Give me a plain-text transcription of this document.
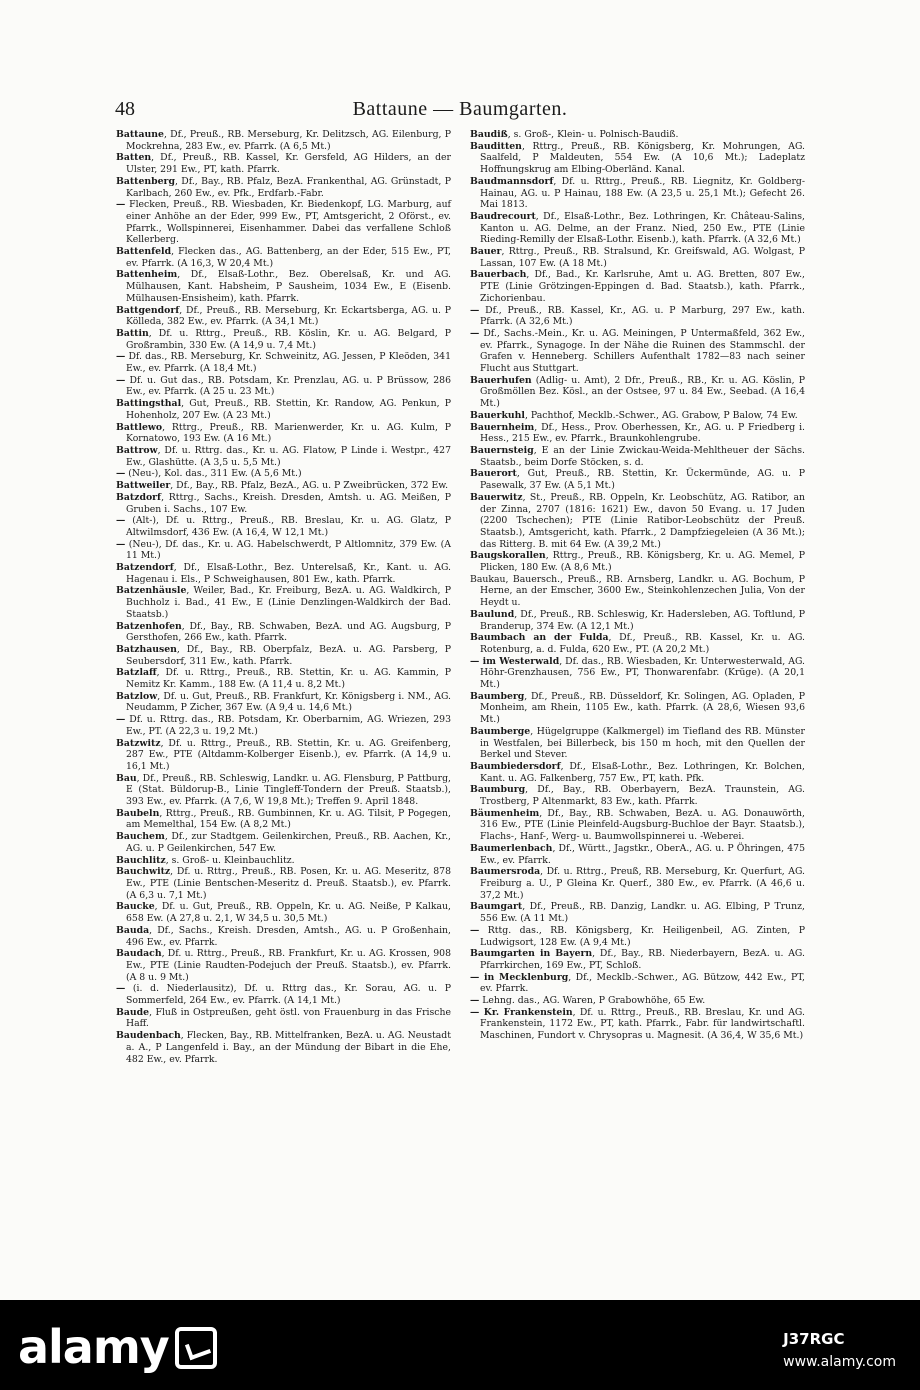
48	Battaune — Baumgarten.

Battaune, Df., Preuß., RB. Merseburg, Kr. Delitzsch, AG. Eilenburg, P Mockrehna, 283 Ew., ev. Pfarrk. (A 6,5 Mt.)

Batten, Df., Preuß., RB. Kassel, Kr. Gersfeld, AG Hilders, an der Ulster, 291 Ew., PT, kath. Pfarrk.

Battenberg, Df., Bay., RB. Pfalz, BezA. Frankenthal, AG. Grünstadt, P Karlbach, 260 Ew., ev. Pfk., Erdfarb.-Fabr.

— Flecken, Preuß., RB. Wiesbaden, Kr. Biedenkopf, LG. Marburg, auf einer Anhöhe an der Eder, 999 Ew., PT, Amtsgericht, 2 Oförst., ev. Pfarrk., Wollspinnerei, Eisenhammer. Dabei das verfallene Schloß Kellerberg.

Battenfeld, Flecken das., AG. Battenberg, an der Eder, 515 Ew., PT, ev. Pfarrk. (A 16,3, W 20,4 Mt.)

Battenheim, Df., Elsaß-Lothr., Bez. Oberelsaß, Kr. und AG. Mülhausen, Kant. Habsheim, P Sausheim, 1034 Ew., E (Eisenb. Mülhausen-Ensisheim), kath. Pfarrk.

Battgendorf, Df., Preuß., RB. Merseburg, Kr. Eckartsberga, AG. u. P Kölleda, 382 Ew., ev. Pfarrk. (A 34,1 Mt.)

Battin, Df. u. Rttrg., Preuß., RB. Köslin, Kr. u. AG. Belgard, P Großrambin, 330 Ew. (A 14,9 u. 7,4 Mt.)

— Df. das., RB. Merseburg, Kr. Schweinitz, AG. Jessen, P Kleöden, 341 Ew., ev. Pfarrk. (A 18,4 Mt.)

— Df. u. Gut das., RB. Potsdam, Kr. Prenzlau, AG. u. P Brüssow, 286 Ew., ev. Pfarrk. (A 25 u. 23 Mt.)

Battingsthal, Gut, Preuß., RB. Stettin, Kr. Randow, AG. Penkun, P Hohenholz, 207 Ew. (A 23 Mt.)

Battlewo, Rttrg., Preuß., RB. Marienwerder, Kr. u. AG. Kulm, P Kornatowo, 193 Ew. (A 16 Mt.)

Battrow, Df. u. Rttrg. das., Kr. u. AG. Flatow, P Linde i. Westpr., 427 Ew., Glashütte. (A 3,5 u. 5,5 Mt.)

— (Neu-), Kol. das., 311 Ew. (A 5,6 Mt.)

Battweiler, Df., Bay., RB. Pfalz, BezA., AG. u. P Zweibrücken, 372 Ew.

Batzdorf, Rttrg., Sachs., Kreish. Dresden, Amtsh. u. AG. Meißen, P Gruben i. Sachs., 107 Ew.

— (Alt-), Df. u. Rttrg., Preuß., RB. Breslau, Kr. u. AG. Glatz, P Altwilmsdorf, 436 Ew. (A 16,4, W 12,1 Mt.)

— (Neu-), Df. das., Kr. u. AG. Habelschwerdt, P Altlomnitz, 379 Ew. (A 11 Mt.)

Batzendorf, Df., Elsaß-Lothr., Bez. Unterelsaß, Kr., Kant. u. AG. Hagenau i. Els., P Schweighausen, 801 Ew., kath. Pfarrk.

Batzenhäusle, Weiler, Bad., Kr. Freiburg, BezA. u. AG. Waldkirch, P Buchholz i. Bad., 41 Ew., E (Linie Denzlingen-Waldkirch der Bad. Staatsb.)

Batzenhofen, Df., Bay., RB. Schwaben, BezA. und AG. Augsburg, P Gersthofen, 266 Ew., kath. Pfarrk.

Batzhausen, Df., Bay., RB. Oberpfalz, BezA. u. AG. Parsberg, P Seubersdorf, 311 Ew., kath. Pfarrk.

Batzlaff, Df. u. Rttrg., Preuß., RB. Stettin, Kr. u. AG. Kammin, P Nemitz Kr. Kamm., 188 Ew. (A 11,4 u. 8,2 Mt.)

Batzlow, Df. u. Gut, Preuß., RB. Frankfurt, Kr. Königsberg i. NM., AG. Neudamm, P Zicher, 367 Ew. (A 9,4 u. 14,6 Mt.)

— Df. u. Rttrg. das., RB. Potsdam, Kr. Oberbarnim, AG. Wriezen, 293 Ew., PT. (A 22,3 u. 19,2 Mt.)

Batzwitz, Df. u. Rttrg., Preuß., RB. Stettin, Kr. u. AG. Greifenberg, 287 Ew., PTE (Altdamm-Kolberger Eisenb.), ev. Pfarrk. (A 14,9 u. 16,1 Mt.)

Bau, Df., Preuß., RB. Schleswig, Landkr. u. AG. Flensburg, P Pattburg, E (Stat. Büldorup-B., Linie Tingleff-Tondern der Preuß. Staatsb.), 393 Ew., ev. Pfarrk. (A 7,6, W 19,8 Mt.); Treffen 9. April 1848.

Baubeln, Rttrg., Preuß., RB. Gumbinnen, Kr. u. AG. Tilsit, P Pogegen, am Memelthal, 154 Ew. (A 8,2 Mt.)

Bauchem, Df., zur Stadtgem. Geilenkirchen, Preuß., RB. Aachen, Kr., AG. u. P Geilenkirchen, 547 Ew.

Bauchlitz, s. Groß- u. Kleinbauchlitz.

Bauchwitz, Df. u. Rttrg., Preuß., RB. Posen, Kr. u. AG. Meseritz, 878 Ew., PTE (Linie Bentschen-Meseritz d. Preuß. Staatsb.), ev. Pfarrk. (A 6,3 u. 7,1 Mt.)

Baucke, Df. u. Gut, Preuß., RB. Oppeln, Kr. u. AG. Neiße, P Kalkau, 658 Ew. (A 27,8 u. 2,1, W 34,5 u. 30,5 Mt.)

Bauda, Df., Sachs., Kreish. Dresden, Amtsh., AG. u. P Großenhain, 496 Ew., ev. Pfarrk.

Baudach, Df. u. Rttrg., Preuß., RB. Frankfurt, Kr. u. AG. Krossen, 908 Ew., PTE (Linie Raudten-Podejuch der Preuß. Staatsb.), ev. Pfarrk. (A 8 u. 9 Mt.)

— (i. d. Niederlausitz), Df. u. Rttrg das., Kr. Sorau, AG. u. P Sommerfeld, 264 Ew., ev. Pfarrk. (A 14,1 Mt.)

Baude, Fluß in Ostpreußen, geht östl. von Frauenburg in das Frische Haff.

Baudenbach, Flecken, Bay., RB. Mittelfranken, BezA. u. AG. Neustadt a. A., P Langenfeld i. Bay., an der Mündung der Bibart in die Ehe, 482 Ew., ev. Pfarrk.

Baudiß, s. Groß-, Klein- u. Polnisch-Baudiß.

Bauditten, Rttrg., Preuß., RB. Königsberg, Kr. Mohrungen, AG. Saalfeld, P Maldeuten, 554 Ew. (A 10,6 Mt.); Ladeplatz Hoffnungskrug am Elbing-Oberländ. Kanal.

Baudmannsdorf, Df. u. Rttrg., Preuß., RB. Liegnitz, Kr. Goldberg-Hainau, AG. u. P Hainau, 188 Ew. (A 23,5 u. 25,1 Mt.); Gefecht 26. Mai 1813.

Baudrecourt, Df., Elsaß-Lothr., Bez. Lothringen, Kr. Château-Salins, Kanton u. AG. Delme, an der Franz. Nied, 250 Ew., PTE (Linie Rieding-Remilly der Elsaß-Lothr. Eisenb.), kath. Pfarrk. (A 32,6 Mt.)

Bauer, Rttrg., Preuß., RB. Stralsund, Kr. Greifswald, AG. Wolgast, P Lassan, 107 Ew. (A 18 Mt.)

Bauerbach, Df., Bad., Kr. Karlsruhe, Amt u. AG. Bretten, 807 Ew., PTE (Linie Grötzingen-Eppingen d. Bad. Staatsb.), kath. Pfarrk., Zichorienbau.

— Df., Preuß., RB. Kassel, Kr., AG. u. P Marburg, 297 Ew., kath. Pfarrk. (A 32,6 Mt.)

— Df., Sachs.-Mein., Kr. u. AG. Meiningen, P Untermaßfeld, 362 Ew., ev. Pfarrk., Synagoge. In der Nähe die Ruinen des Stammschl. der Grafen v. Henneberg. Schillers Aufenthalt 1782—83 nach seiner Flucht aus Stuttgart.

Bauerhufen (Adlig- u. Amt), 2 Dfr., Preuß., RB., Kr. u. AG. Köslin, P Großmöllen Bez. Kösl., an der Ostsee, 97 u. 84 Ew., Seebad. (A 16,4 Mt.)

Bauerkuhl, Pachthof, Mecklb.-Schwer., AG. Grabow, P Balow, 74 Ew.

Bauernheim, Df., Hess., Prov. Oberhessen, Kr., AG. u. P Friedberg i. Hess., 215 Ew., ev. Pfarrk., Braunkohlengrube.

Bauernsteig, E an der Linie Zwickau-Weida-Mehltheuer der Sächs. Staatsb., beim Dorfe Stöcken, s. d.

Bauerort, Gut, Preuß., RB. Stettin, Kr. Ückermünde, AG. u. P Pasewalk, 37 Ew. (A 5,1 Mt.)

Bauerwitz, St., Preuß., RB. Oppeln, Kr. Leobschütz, AG. Ratibor, an der Zinna, 2707 (1816: 1621) Ew., davon 50 Evang. u. 17 Juden (2200 Tschechen); PTE (Linie Ratibor-Leobschütz der Preuß. Staatsb.), Amtsgericht, kath. Pfarrk., 2 Dampfziegeleien (A 36 Mt.); das Ritterg. B. mit 64 Ew. (A 39,2 Mt.)

Baugskorallen, Rttrg., Preuß., RB. Königsberg, Kr. u. AG. Memel, P Plicken, 180 Ew. (A 8,6 Mt.)

Baukau, Bauersch., Preuß., RB. Arnsberg, Landkr. u. AG. Bochum, P Herne, an der Emscher, 3600 Ew., Steinkohlenzechen Julia, Von der Heydt u.

Baulund, Df., Preuß., RB. Schleswig, Kr. Hadersleben, AG. Toftlund, P Branderup, 374 Ew. (A 12,1 Mt.)

Baumbach an der Fulda, Df., Preuß., RB. Kassel, Kr. u. AG. Rotenburg, a. d. Fulda, 620 Ew., PT. (A 20,2 Mt.)

— im Westerwald, Df. das., RB. Wiesbaden, Kr. Unterwesterwald, AG. Höhr-Grenzhausen, 756 Ew., PT, Thonwarenfabr. (Krüge). (A 20,1 Mt.)

Baumberg, Df., Preuß., RB. Düsseldorf, Kr. Solingen, AG. Opladen, P Monheim, am Rhein, 1105 Ew., kath. Pfarrk. (A 28,6, Wiesen 93,6 Mt.)

Baumberge, Hügelgruppe (Kalkmergel) im Tiefland des RB. Münster in Westfalen, bei Billerbeck, bis 150 m hoch, mit den Quellen der Berkel und Stever.

Baumbiedersdorf, Df., Elsaß-Lothr., Bez. Lothringen, Kr. Bolchen, Kant. u. AG. Falkenberg, 757 Ew., PT, kath. Pfk.

Baumburg, Df., Bay., RB. Oberbayern, BezA. Traunstein, AG. Trostberg, P Altenmarkt, 83 Ew., kath. Pfarrk.

Bäumenheim, Df., Bay., RB. Schwaben, BezA. u. AG. Donauwörth, 316 Ew., PTE (Linie Pleinfeld-Augsburg-Buchloe der Bayr. Staatsb.), Flachs-, Hanf-, Werg- u. Baumwollspinnerei u. -Weberei.

Baumerlenbach, Df., Württ., Jagstkr., OberA., AG. u. P Öhringen, 475 Ew., ev. Pfarrk.

Baumersroda, Df. u. Rttrg., Preuß, RB. Merseburg, Kr. Querfurt, AG. Freiburg a. U., P Gleina Kr. Querf., 380 Ew., ev. Pfarrk. (A 46,6 u. 37,2 Mt.)

Baumgart, Df., Preuß., RB. Danzig, Landkr. u. AG. Elbing, P Trunz, 556 Ew. (A 11 Mt.)

— Rttg. das., RB. Königsberg, Kr. Heiligenbeil, AG. Zinten, P Ludwigsort, 128 Ew. (A 9,4 Mt.)

Baumgarten in Bayern, Df., Bay., RB. Niederbayern, BezA. u. AG. Pfarrkirchen, 169 Ew., PT, Schloß.

— in Mecklenburg, Df., Mecklb.-Schwer., AG. Bützow, 442 Ew., PT, ev. Pfarrk.

— Lehng. das., AG. Waren, P Grabowhöhe, 65 Ew.

— Kr. Frankenstein, Df. u. Rttrg., Preuß., RB. Breslau, Kr. und AG. Frankenstein, 1172 Ew., PT, kath. Pfarrk., Fabr. für landwirtschaftl. Maschinen, Fundort v. Chrysopras u. Magnesit. (A 36,4, W 35,6 Mt.)

alamy	J37RGC
www.alamy.com
